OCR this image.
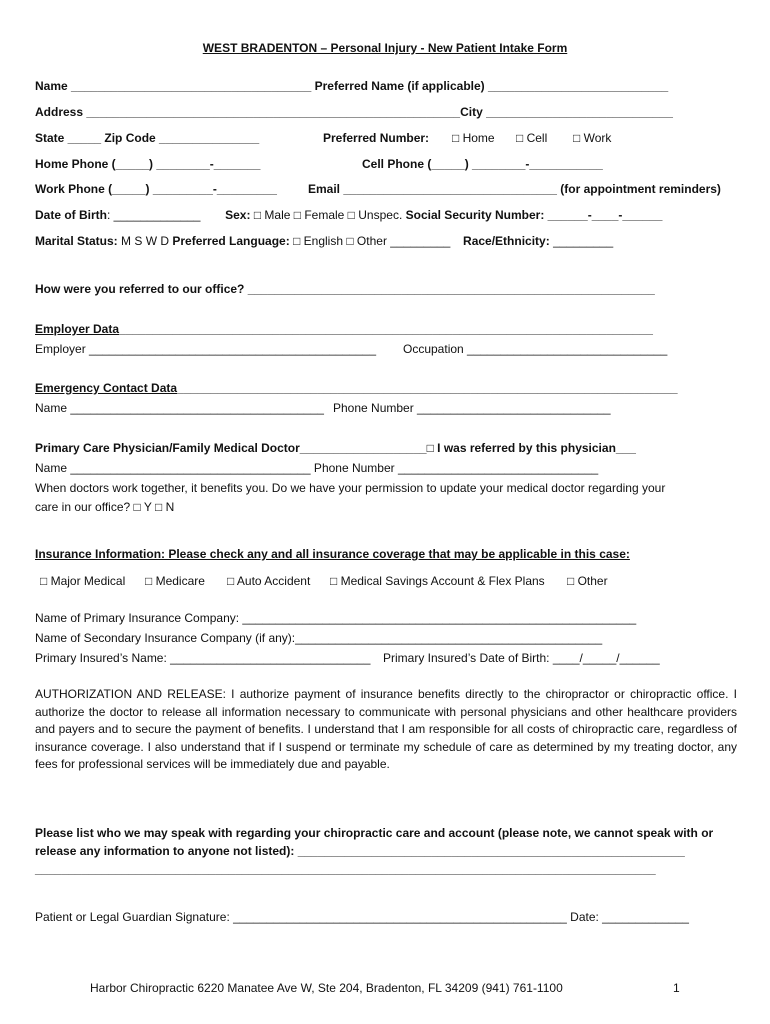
WEST BRADENTON – Personal Injury - New Patient Intake Form
Name ____________________________________ Preferred Name (if applicable) ___________________________
Address ________________________________________________________City ____________________________
State _____ Zip Code _______________	Preferred Number: □ Home □ Cell □ Work
Home Phone (_____) ________-_______	Cell Phone (_____) ________-___________
Work Phone (_____) _________-_________	Email ________________________________ (for appointment reminders)
Date of Birth: _____________ Sex: □ Male □ Female □ Unspec. Social Security Number: ______-____-______
Marital Status: M S W D Preferred Language: □ English □ Other _________ Race/Ethnicity: _________
How were you referred to our office? _____________________________________________________________
Employer Data________________________________________________________________________________
Employer ___________________________________________ Occupation ______________________________
Emergency Contact Data___________________________________________________________________________
Name ______________________________________ Phone Number _____________________________
Primary Care Physician/Family Medical Doctor___________________□ I was referred by this physician___
Name ____________________________________ Phone Number ______________________________
When doctors work together, it benefits you. Do we have your permission to update your medical doctor regarding your
care in our office? □ Y □ N
Insurance Information: Please check any and all insurance coverage that may be applicable in this case:
□ Major Medical □ Medicare □ Auto Accident □ Medical Savings Account & Flex Plans □ Other
Name of Primary Insurance Company: ___________________________________________________________
Name of Secondary Insurance Company (if any):______________________________________________
Primary Insured’s Name: ______________________________ Primary Insured’s Date of Birth: ____/_____/______
AUTHORIZATION AND RELEASE: I authorize payment of insurance benefits directly to the chiropractor or chiropractic office. I authorize the doctor to release all information necessary to communicate with personal physicians and other healthcare providers and payers and to secure the payment of benefits. I understand that I am responsible for all costs of chiropractic care, regardless of insurance coverage. I also understand that if I suspend or terminate my schedule of care as determined by my treating doctor, any fees for professional services will be immediately due and payable.
Please list who we may speak with regarding your chiropractic care and account (please note, we cannot speak with or
release any information to anyone not listed): __________________________________________________________
_____________________________________________________________________________________________
Patient or Legal Guardian Signature: __________________________________________________ Date: _____________
Harbor Chiropractic 6220 Manatee Ave W, Ste 204, Bradenton, FL 34209 (941) 761-1100	1
